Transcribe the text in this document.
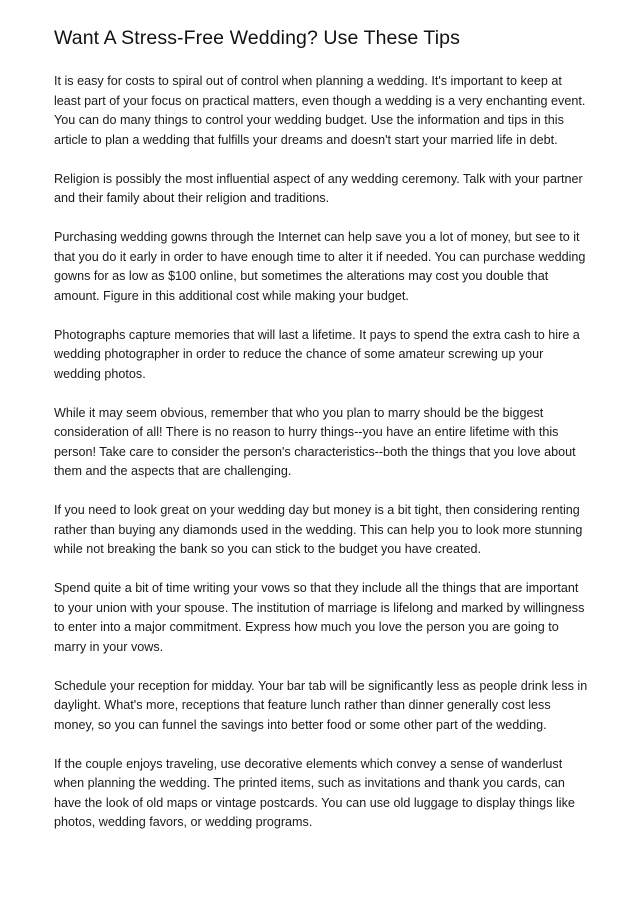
Want A Stress-Free Wedding? Use These Tips

It is easy for costs to spiral out of control when planning a wedding. It's important to keep at least part of your focus on practical matters, even though a wedding is a very enchanting event. You can do many things to control your wedding budget. Use the information and tips in this article to plan a wedding that fulfills your dreams and doesn't start your married life in debt.

Religion is possibly the most influential aspect of any wedding ceremony. Talk with your partner and their family about their religion and traditions.

Purchasing wedding gowns through the Internet can help save you a lot of money, but see to it that you do it early in order to have enough time to alter it if needed. You can purchase wedding gowns for as low as $100 online, but sometimes the alterations may cost you double that amount. Figure in this additional cost while making your budget.

Photographs capture memories that will last a lifetime. It pays to spend the extra cash to hire a wedding photographer in order to reduce the chance of some amateur screwing up your wedding photos.

While it may seem obvious, remember that who you plan to marry should be the biggest consideration of all! There is no reason to hurry things--you have an entire lifetime with this person! Take care to consider the person's characteristics--both the things that you love about them and the aspects that are challenging.

If you need to look great on your wedding day but money is a bit tight, then considering renting rather than buying any diamonds used in the wedding. This can help you to look more stunning while not breaking the bank so you can stick to the budget you have created.

Spend quite a bit of time writing your vows so that they include all the things that are important to your union with your spouse. The institution of marriage is lifelong and marked by willingness to enter into a major commitment. Express how much you love the person you are going to marry in your vows.

Schedule your reception for midday. Your bar tab will be significantly less as people drink less in daylight. What's more, receptions that feature lunch rather than dinner generally cost less money, so you can funnel the savings into better food or some other part of the wedding.

If the couple enjoys traveling, use decorative elements which convey a sense of wanderlust when planning the wedding. The printed items, such as invitations and thank you cards, can have the look of old maps or vintage postcards. You can use old luggage to display things like photos, wedding favors, or wedding programs.
